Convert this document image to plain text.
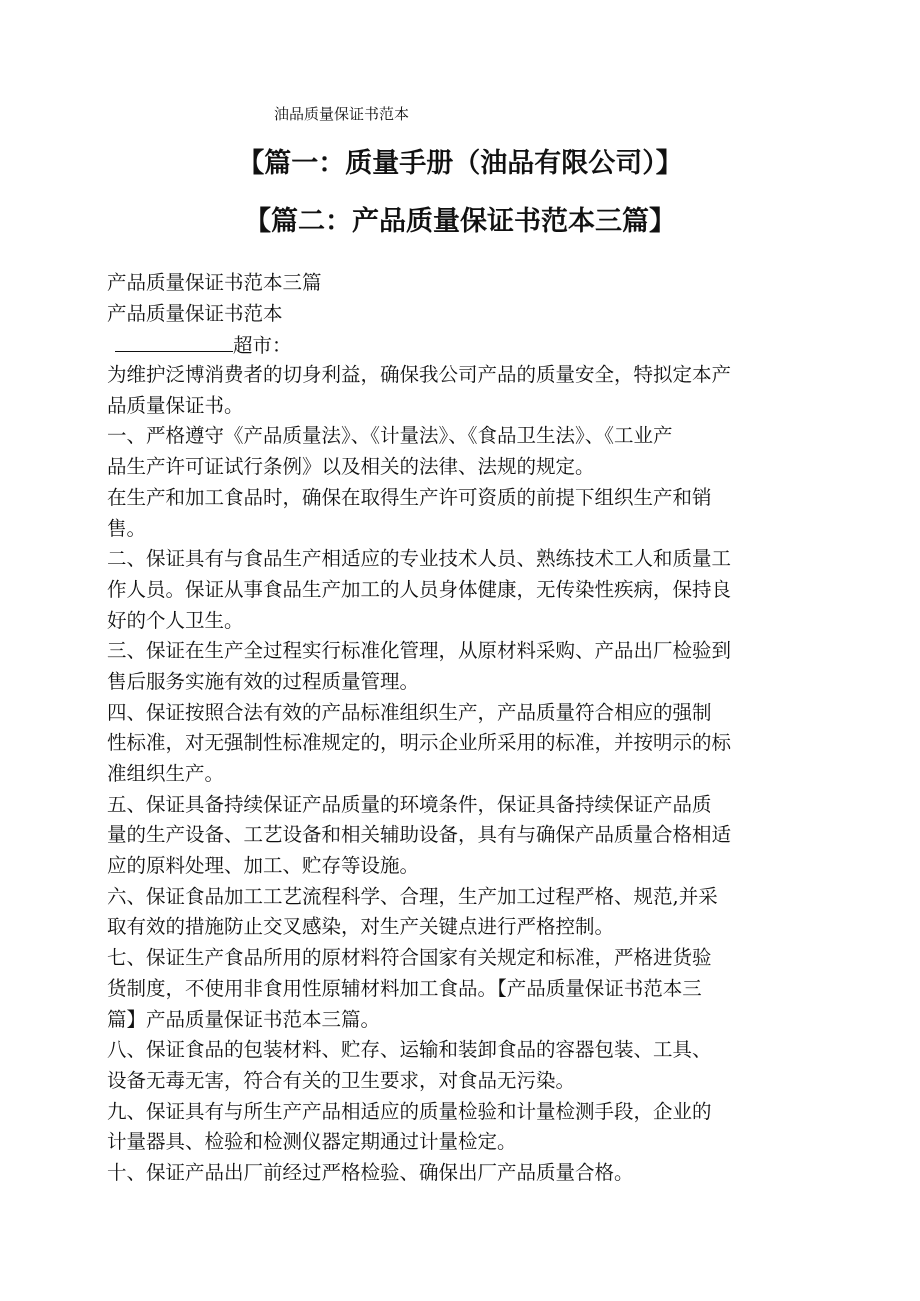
油品质量保证书范本
【篇一：质量手册（油品有限公司）】
【篇二：产品质量保证书范本三篇】
产品质量保证书范本三篇
产品质量保证书范本
超市：
为维护泛博消费者的切身利益，确保我公司产品的质量安全，特拟定本产
品质量保证书。
一、严格遵守《产品质量法》、《计量法》、《食品卫生法》、《工业产
品生产许可证试行条例》以及相关的法律、法规的规定。
在生产和加工食品时，确保在取得生产许可资质的前提下组织生产和销
售。
二、保证具有与食品生产相适应的专业技术人员、熟练技术工人和质量工
作人员。保证从事食品生产加工的人员身体健康，无传染性疾病，保持良
好的个人卫生。
三、保证在生产全过程实行标准化管理，从原材料采购、产品出厂检验到
售后服务实施有效的过程质量管理。
四、保证按照合法有效的产品标准组织生产，产品质量符合相应的强制
性标准，对无强制性标准规定的，明示企业所采用的标准，并按明示的标
准组织生产。
五、保证具备持续保证产品质量的环境条件，保证具备持续保证产品质
量的生产设备、工艺设备和相关辅助设备，具有与确保产品质量合格相适
应的原料处理、加工、贮存等设施。
六、保证食品加工工艺流程科学、合理，生产加工过程严格、规范,并采
取有效的措施防止交叉感染，对生产关键点进行严格控制。
七、保证生产食品所用的原材料符合国家有关规定和标准，严格进货验
货制度，不使用非食用性原辅材料加工食品。【产品质量保证书范本三
篇】产品质量保证书范本三篇。
八、保证食品的包装材料、贮存、运输和装卸食品的容器包装、工具、
设备无毒无害，符合有关的卫生要求，对食品无污染。
九、保证具有与所生产产品相适应的质量检验和计量检测手段，企业的
计量器具、检验和检测仪器定期通过计量检定。
十、保证产品出厂前经过严格检验、确保出厂产品质量合格。
